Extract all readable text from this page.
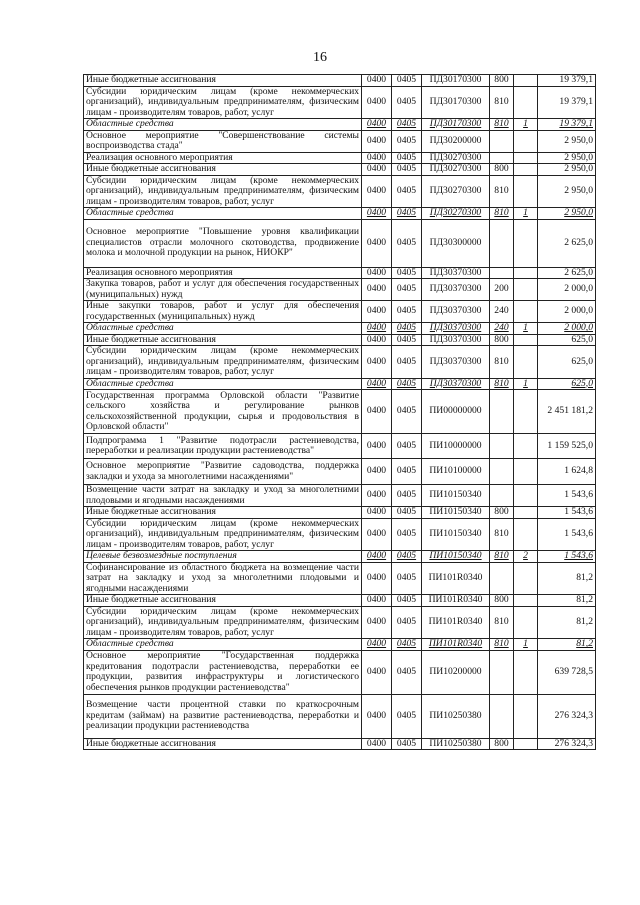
16
Иные бюджетные ассигнования	0400	0405	ПД30170300	800		19 379,1
Субсидии юридическим лицам (кроме некоммерческих организаций), индивидуальным предпринимателям, физическим лицам - производителям товаров, работ, услуг	0400	0405	ПД30170300	810		19 379,1
Областные средства	0400	0405	ПД30170300	810	1	19 379,1
Основное мероприятие "Совершенствование системы воспроизводства стада"	0400	0405	ПД30200000			2 950,0
Реализация основного мероприятия	0400	0405	ПД30270300			2 950,0
Иные бюджетные ассигнования	0400	0405	ПД30270300	800		2 950,0
Субсидии юридическим лицам (кроме некоммерческих организаций), индивидуальным предпринимателям, физическим лицам - производителям товаров, работ, услуг	0400	0405	ПД30270300	810		2 950,0
Областные средства	0400	0405	ПД30270300	810	1	2 950,0
Основное мероприятие "Повышение уровня квалификации специалистов отрасли молочного скотоводства, продвижение молока и молочной продукции на рынок, НИОКР"	0400	0405	ПД30300000			2 625,0
Реализация основного мероприятия	0400	0405	ПД30370300			2 625,0
Закупка товаров, работ и услуг для обеспечения государственных (муниципальных) нужд	0400	0405	ПД30370300	200		2 000,0
Иные закупки товаров, работ и услуг для обеспечения государственных (муниципальных) нужд	0400	0405	ПД30370300	240		2 000,0
Областные средства	0400	0405	ПД30370300	240	1	2 000,0
Иные бюджетные ассигнования	0400	0405	ПД30370300	800		625,0
Субсидии юридическим лицам (кроме некоммерческих организаций), индивидуальным предпринимателям, физическим лицам - производителям товаров, работ, услуг	0400	0405	ПД30370300	810		625,0
Областные средства	0400	0405	ПД30370300	810	1	625,0
Государственная программа Орловской области "Развитие сельского хозяйства и регулирование рынков сельскохозяйственной продукции, сырья и продовольствия в Орловской области"	0400	0405	ПИ00000000			2 451 181,2
Подпрограмма 1 "Развитие подотрасли растениеводства, переработки и реализации продукции растениеводства"	0400	0405	ПИ10000000			1 159 525,0
Основное мероприятие "Развитие садоводства, поддержка закладки и ухода за многолетними насаждениями"	0400	0405	ПИ10100000			1 624,8
Возмещение части затрат на закладку и уход за многолетними плодовыми и ягодными насаждениями	0400	0405	ПИ10150340			1 543,6
Иные бюджетные ассигнования	0400	0405	ПИ10150340	800		1 543,6
Субсидии юридическим лицам (кроме некоммерческих организаций), индивидуальным предпринимателям, физическим лицам - производителям товаров, работ, услуг	0400	0405	ПИ10150340	810		1 543,6
Целевые безвозмездные поступления	0400	0405	ПИ10150340	810	2	1 543,6
Софинансирование из областного бюджета на возмещение части затрат на закладку и уход за многолетними плодовыми и ягодными насаждениями	0400	0405	ПИ101R0340			81,2
Иные бюджетные ассигнования	0400	0405	ПИ101R0340	800		81,2
Субсидии юридическим лицам (кроме некоммерческих организаций), индивидуальным предпринимателям, физическим лицам - производителям товаров, работ, услуг	0400	0405	ПИ101R0340	810		81,2
Областные средства	0400	0405	ПИ101R0340	810	1	81,2
Основное мероприятие "Государственная поддержка кредитования подотрасли растениеводства, переработки ее продукции, развития инфраструктуры и логистического обеспечения рынков продукции растениеводства"	0400	0405	ПИ10200000			639 728,5
Возмещение части процентной ставки по краткосрочным кредитам (займам) на развитие растениеводства, переработки и реализации продукции растениеводства	0400	0405	ПИ10250380			276 324,3
Иные бюджетные ассигнования	0400	0405	ПИ10250380	800		276 324,3
